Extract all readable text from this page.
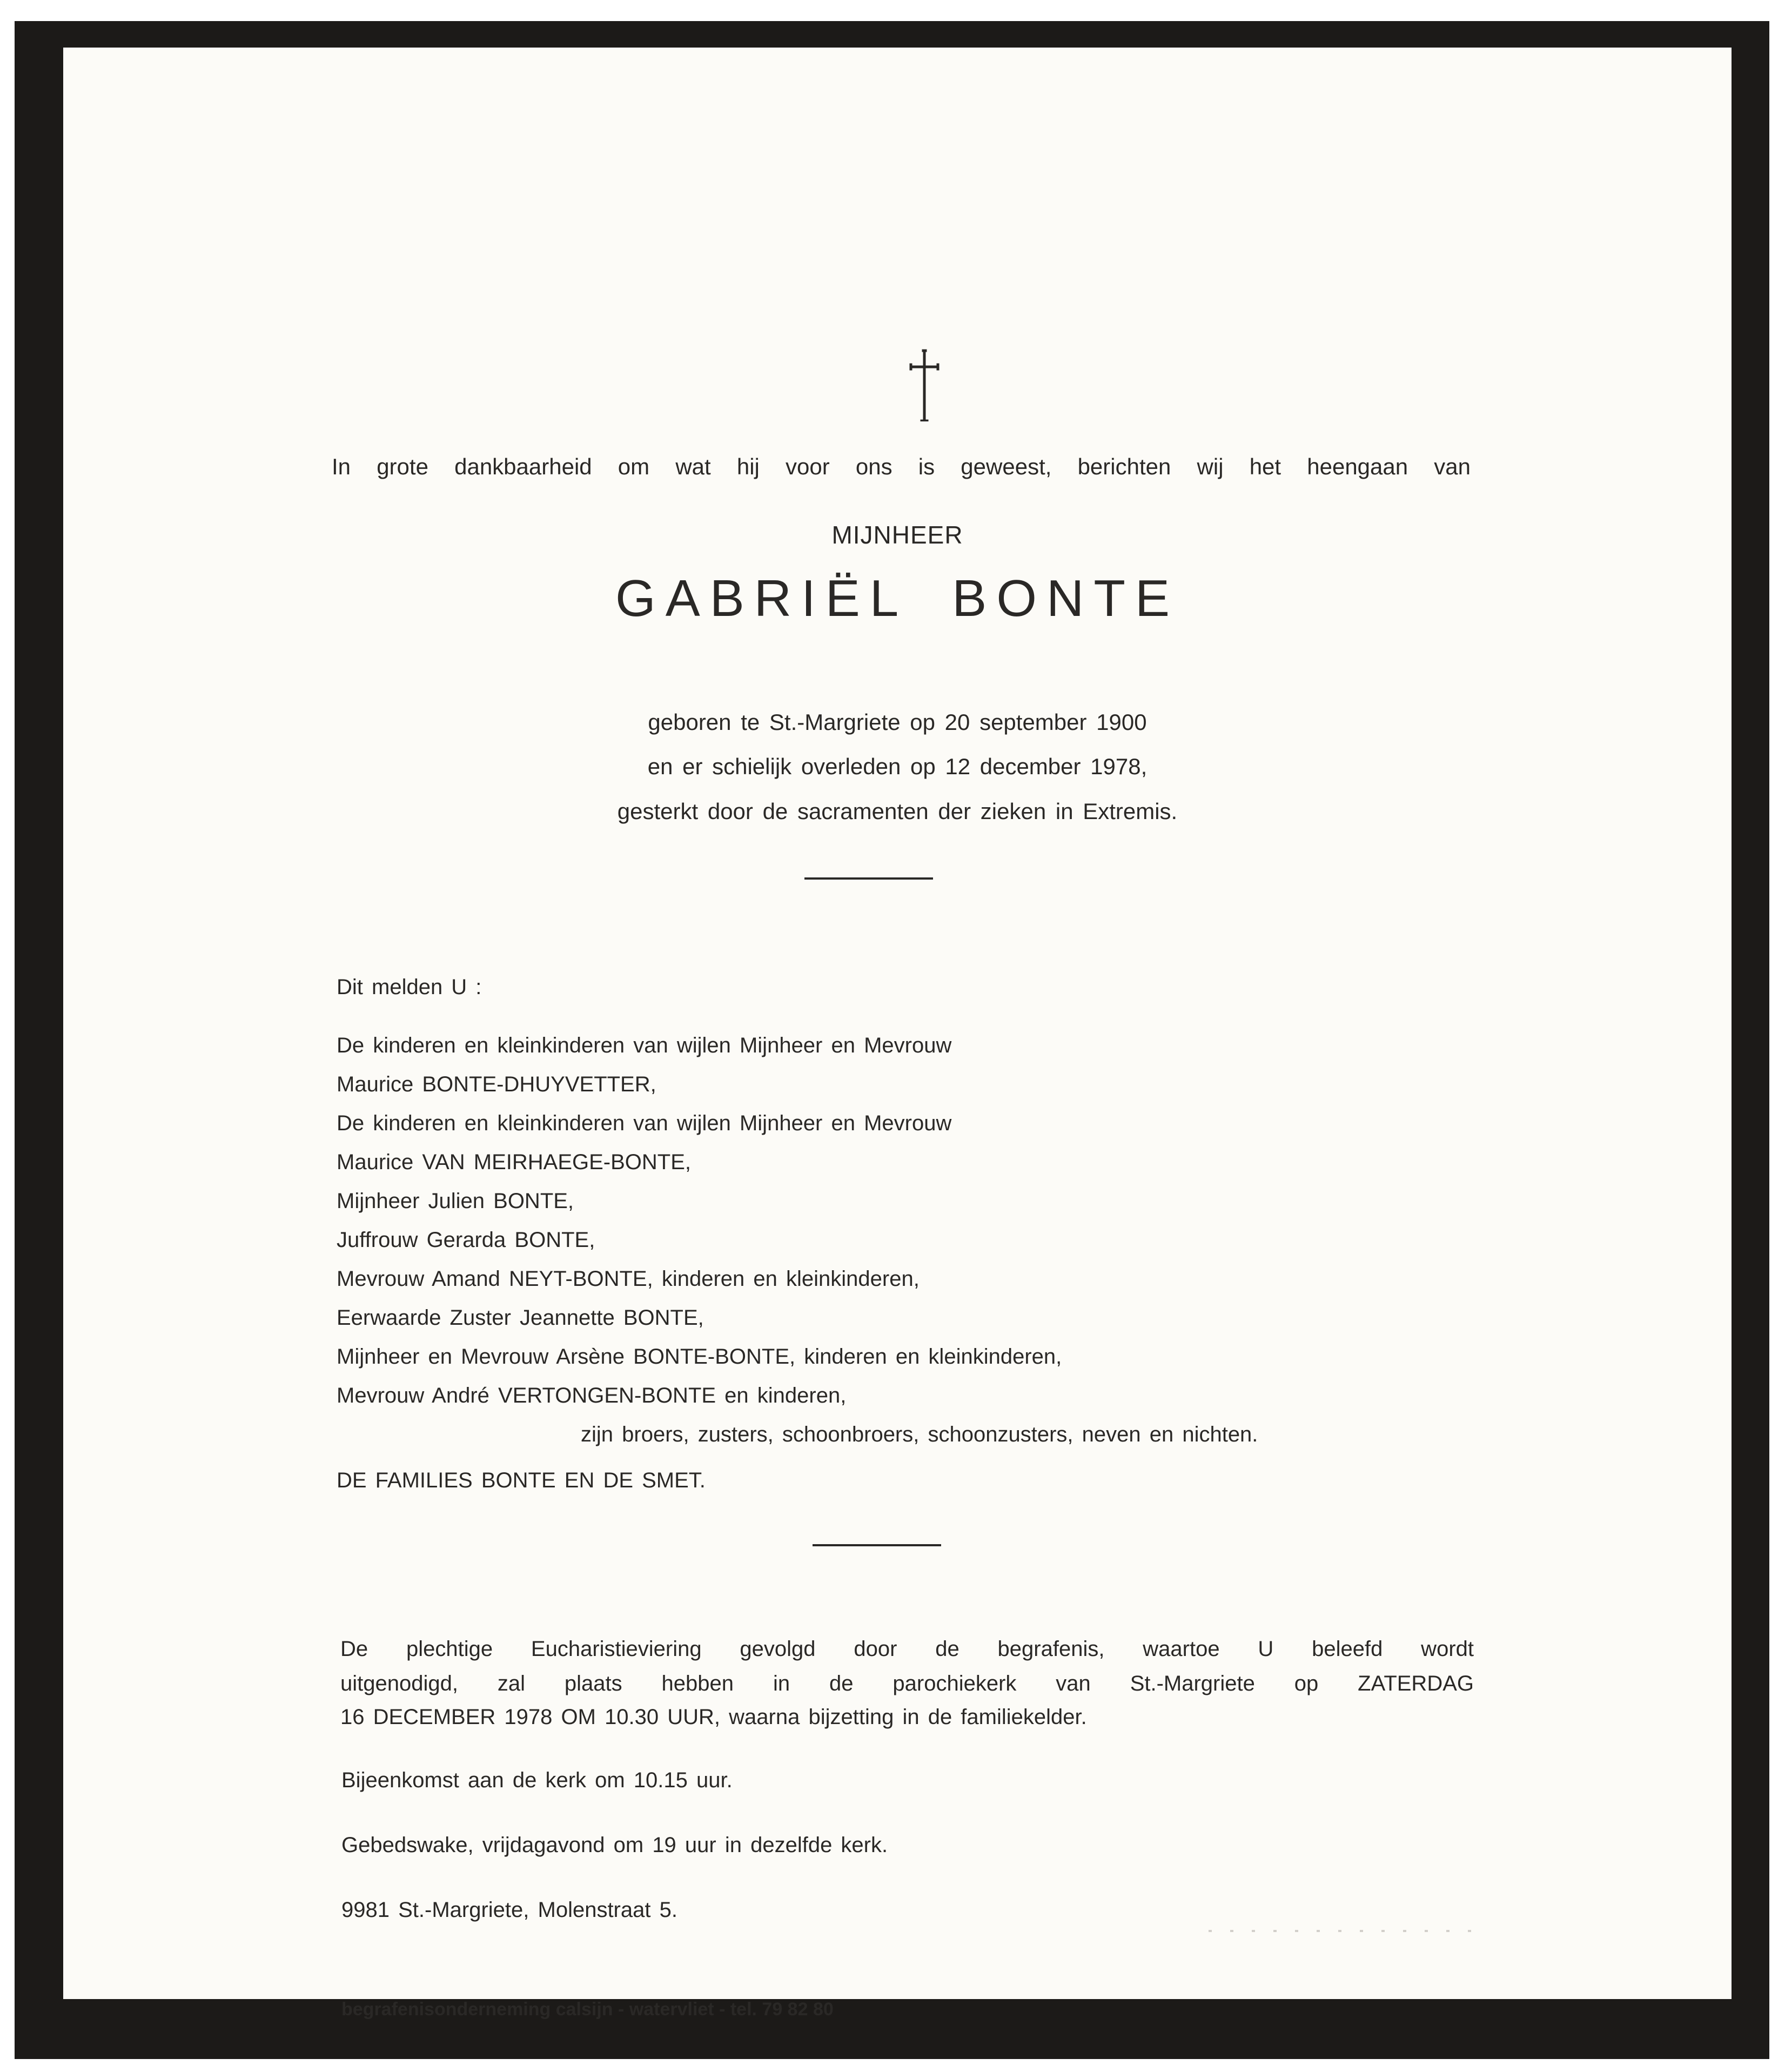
In grote dankbaarheid om wat hij voor ons is geweest, berichten wij het heengaan van
MIJNHEER
GABRIËL BONTE
geboren te St.-Margriete op 20 september 1900
en er schielijk overleden op 12 december 1978,
gesterkt door de sacramenten der zieken in Extremis.
Dit melden U :
De kinderen en kleinkinderen van wijlen Mijnheer en Mevrouw
Maurice BONTE-DHUYVETTER,
De kinderen en kleinkinderen van wijlen Mijnheer en Mevrouw
Maurice VAN MEIRHAEGE-BONTE,
Mijnheer Julien BONTE,
Juffrouw Gerarda BONTE,
Mevrouw Amand NEYT-BONTE, kinderen en kleinkinderen,
Eerwaarde Zuster Jeannette BONTE,
Mijnheer en Mevrouw Arsène BONTE-BONTE, kinderen en kleinkinderen,
Mevrouw André VERTONGEN-BONTE en kinderen,
zijn broers, zusters, schoonbroers, schoonzusters, neven en nichten.
DE FAMILIES BONTE EN DE SMET.
De plechtige Eucharistieviering gevolgd door de begrafenis, waartoe U beleefd wordt
uitgenodigd, zal plaats hebben in de parochiekerk van St.-Margriete op ZATERDAG
16 DECEMBER 1978 OM 10.30 UUR, waarna bijzetting in de familiekelder.
Bijeenkomst aan de kerk om 10.15 uur.
Gebedswake, vrijdagavond om 19 uur in dezelfde kerk.
9981 St.-Margriete, Molenstraat 5.
begrafenisonderneming calsijn - watervliet - tel. 79 82 80
